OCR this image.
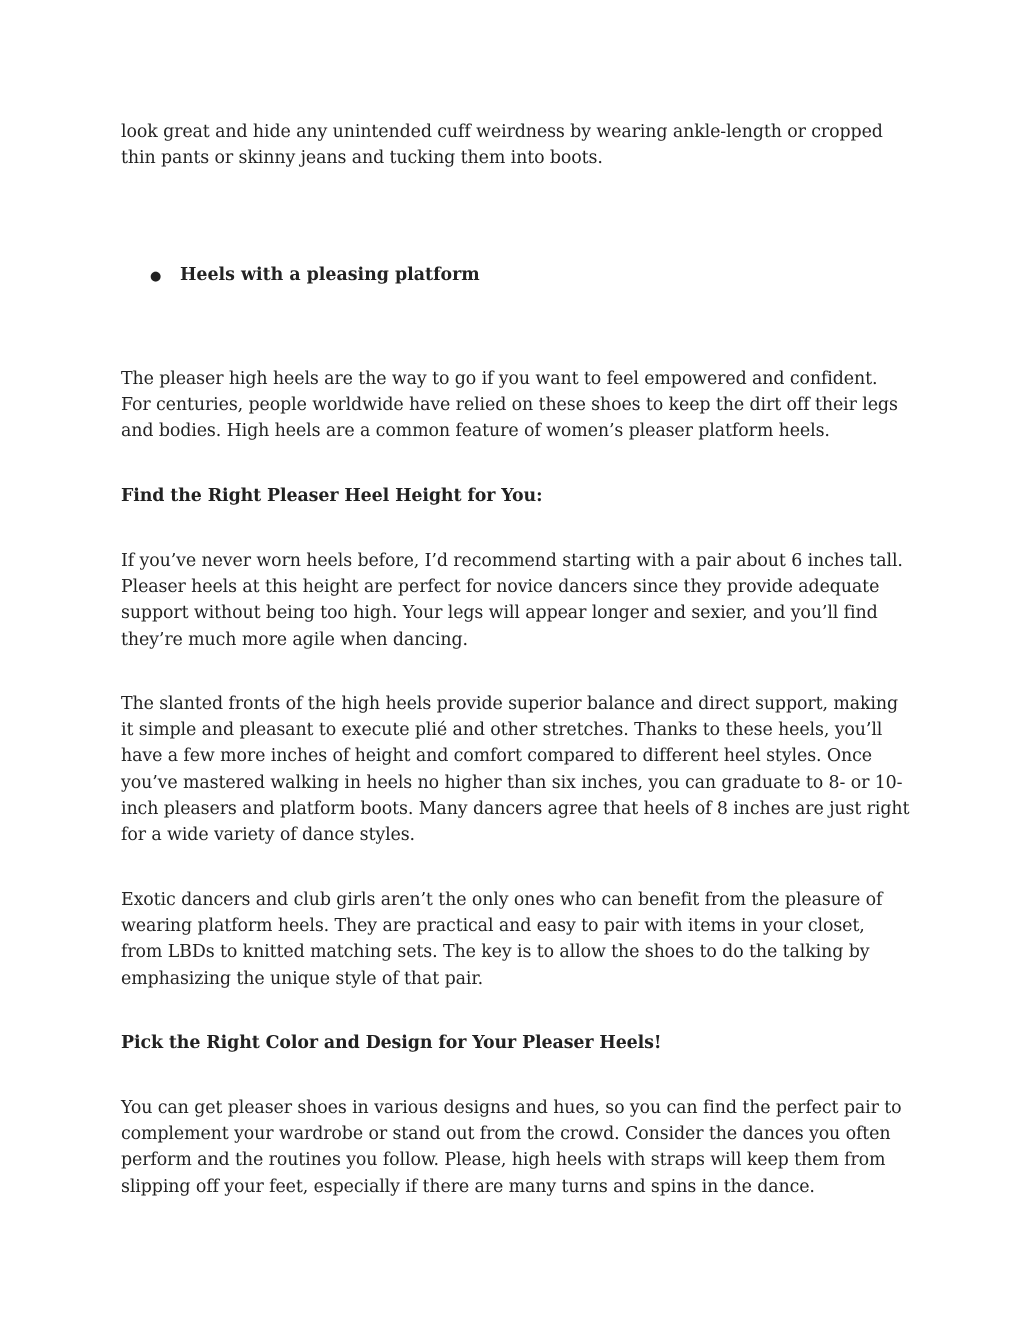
look great and hide any unintended cuff weirdness by wearing ankle-length or cropped thin pants or skinny jeans and tucking them into boots.

●	Heels with a pleasing platform

The pleaser high heels are the way to go if you want to feel empowered and confident. For centuries, people worldwide have relied on these shoes to keep the dirt off their legs and bodies. High heels are a common feature of women’s pleaser platform heels.

Find the Right Pleaser Heel Height for You:

If you’ve never worn heels before, I’d recommend starting with a pair about 6 inches tall. Pleaser heels at this height are perfect for novice dancers since they provide adequate support without being too high. Your legs will appear longer and sexier, and you’ll find they’re much more agile when dancing.

The slanted fronts of the high heels provide superior balance and direct support, making it simple and pleasant to execute plié and other stretches. Thanks to these heels, you’ll have a few more inches of height and comfort compared to different heel styles. Once you’ve mastered walking in heels no higher than six inches, you can graduate to 8- or 10-inch pleasers and platform boots. Many dancers agree that heels of 8 inches are just right for a wide variety of dance styles.

Exotic dancers and club girls aren’t the only ones who can benefit from the pleasure of wearing platform heels. They are practical and easy to pair with items in your closet, from LBDs to knitted matching sets. The key is to allow the shoes to do the talking by emphasizing the unique style of that pair.

Pick the Right Color and Design for Your Pleaser Heels!

You can get pleaser shoes in various designs and hues, so you can find the perfect pair to complement your wardrobe or stand out from the crowd. Consider the dances you often perform and the routines you follow. Please, high heels with straps will keep them from slipping off your feet, especially if there are many turns and spins in the dance.
